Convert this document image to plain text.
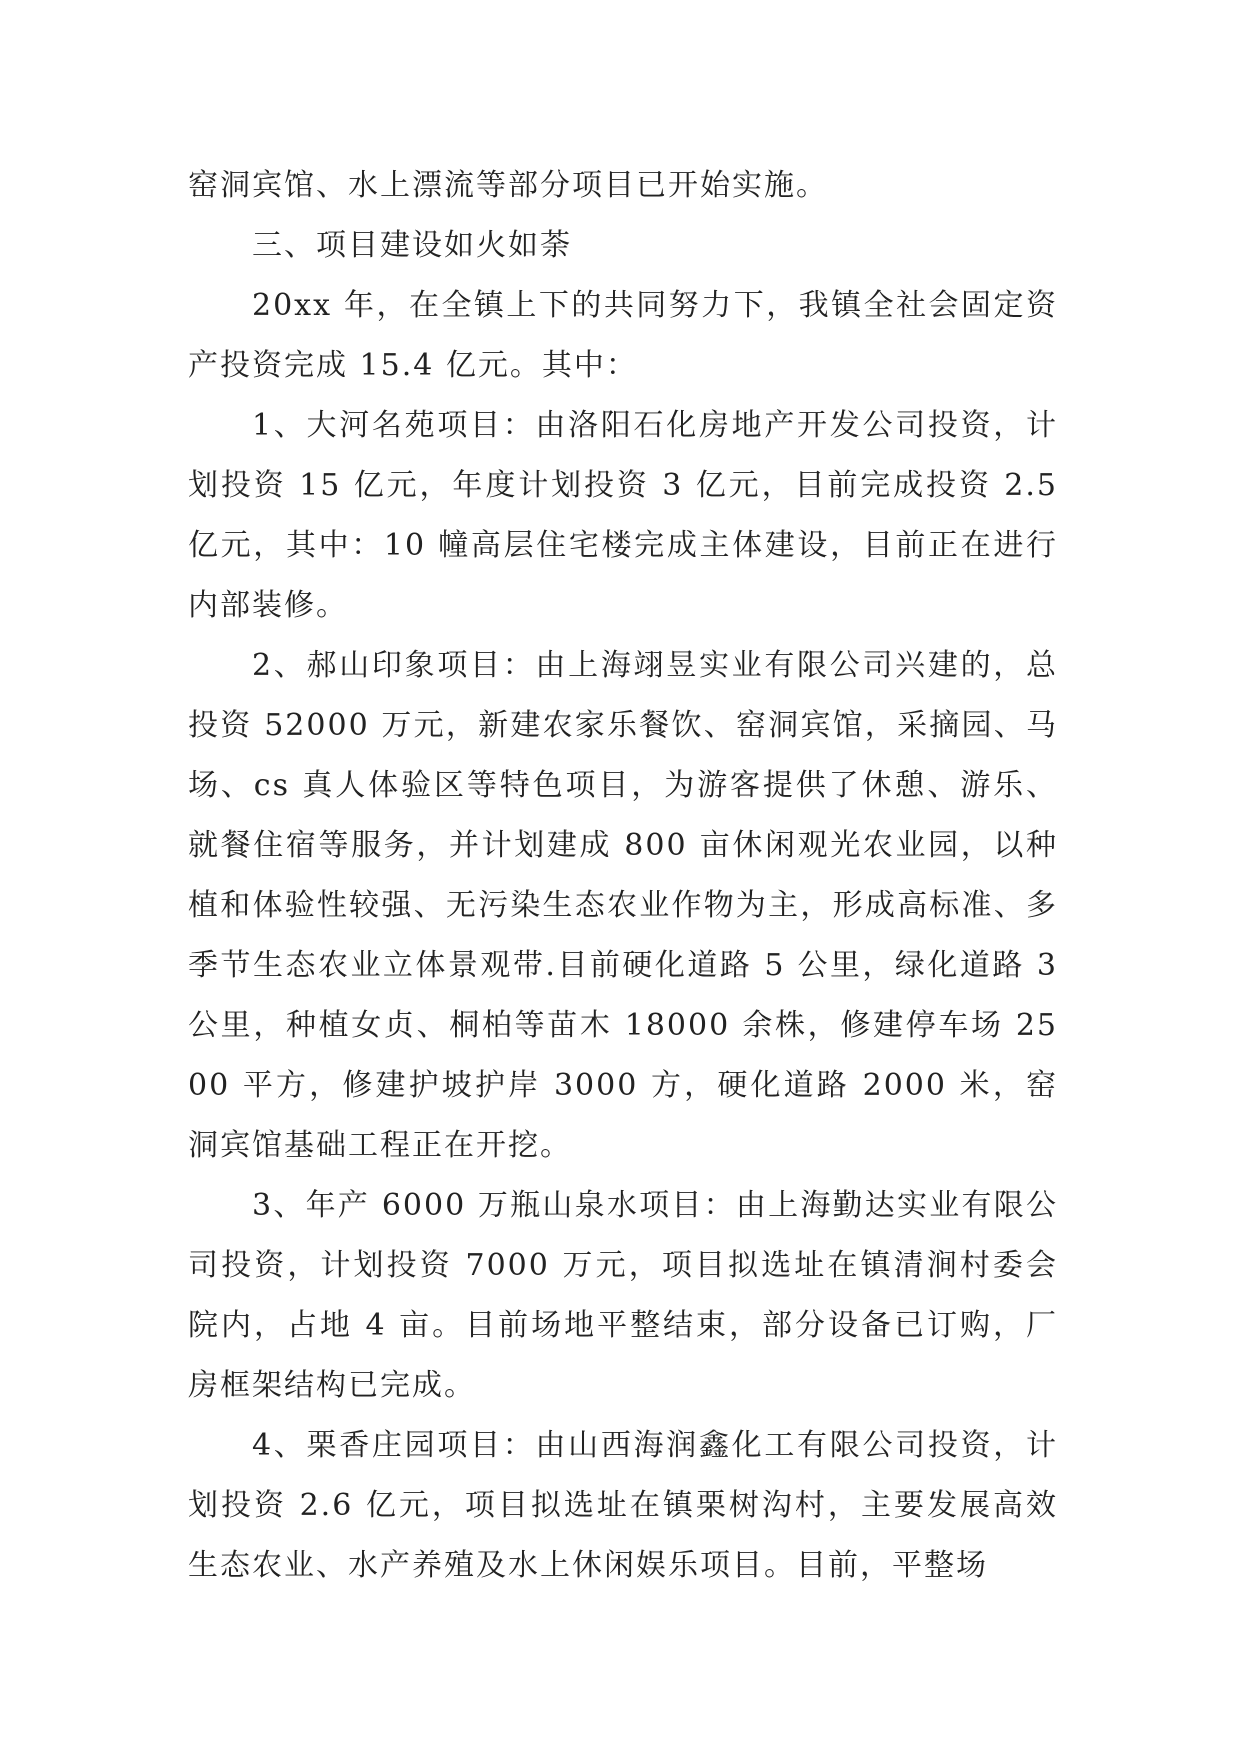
窑洞宾馆、水上漂流等部分项目已开始实施。

三、项目建设如火如荼

20xx 年，在全镇上下的共同努力下，我镇全社会固定资产投资完成 15.4 亿元。其中：

1、大河名苑项目：由洛阳石化房地产开发公司投资，计划投资 15 亿元，年度计划投资 3 亿元，目前完成投资 2.5 亿元，其中：10 幢高层住宅楼完成主体建设，目前正在进行内部装修。

2、郝山印象项目：由上海翊昱实业有限公司兴建的，总投资 52000 万元，新建农家乐餐饮、窑洞宾馆，采摘园、马场、cs 真人体验区等特色项目，为游客提供了休憩、游乐、就餐住宿等服务，并计划建成 800 亩休闲观光农业园，以种植和体验性较强、无污染生态农业作物为主，形成高标准、多季节生态农业立体景观带.目前硬化道路 5 公里，绿化道路 3 公里，种植女贞、桐柏等苗木 18000 余株，修建停车场 2500 平方，修建护坡护岸 3000 方，硬化道路 2000 米，窑洞宾馆基础工程正在开挖。

3、年产 6000 万瓶山泉水项目：由上海勤达实业有限公司投资，计划投资 7000 万元，项目拟选址在镇清涧村委会院内，占地 4 亩。目前场地平整结束，部分设备已订购，厂房框架结构已完成。

4、栗香庄园项目：由山西海润鑫化工有限公司投资，计划投资 2.6 亿元，项目拟选址在镇栗树沟村，主要发展高效生态农业、水产养殖及水上休闲娱乐项目。目前，平整场
